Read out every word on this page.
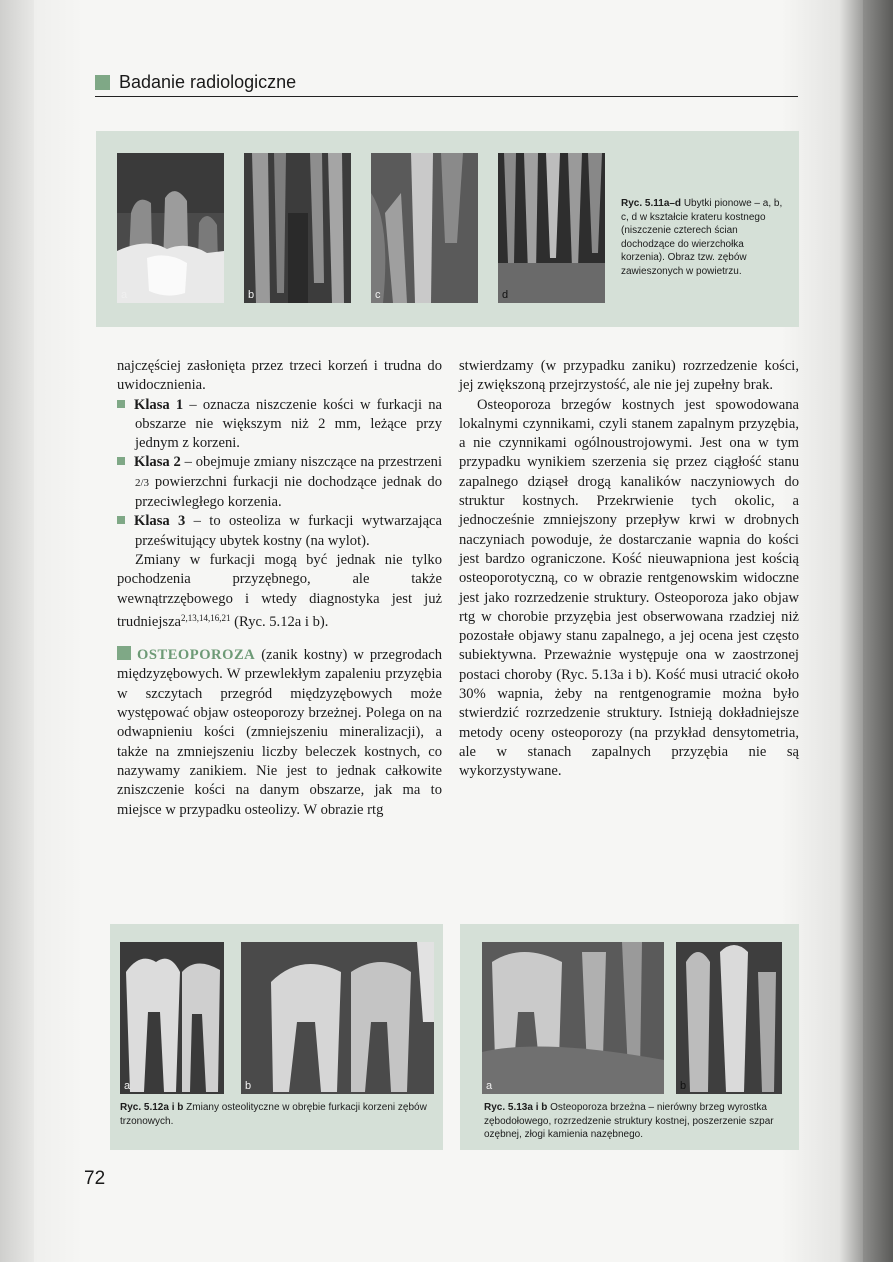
Badanie radiologiczne
a	b	c	d
Ryc. 5.11a–d Ubytki pionowe – a, b, c, d w kształcie krateru kostnego (niszczenie czterech ścian dochodzące do wierzchołka korzenia). Obraz tzw. zębów zawieszonych w powietrzu.

najczęściej zasłonięta przez trzeci korzeń i trudna do uwidocznienia.

Klasa 1 – oznacza niszczenie kości w furkacji na obszarze nie większym niż 2 mm, leżące przy jednym z korzeni.

Klasa 2 – obejmuje zmiany niszczące na przestrzeni 2/3 powierzchni furkacji nie dochodzące jednak do przeciwległego korzenia.

Klasa 3 – to osteoliza w furkacji wytwarzająca prześwitujący ubytek kostny (na wylot).

Zmiany w furkacji mogą być jednak nie tylko pochodzenia przyzębnego, ale także wewnątrzzębowego i wtedy diagnostyka jest już trudniejsza$^{2,13,14,16,21}$ (Ryc. 5.12a i b).

OSTEOPOROZA (zanik kostny) w przegrodach międzyzębowych. W przewlekłym zapaleniu przyzębia w szczytach przegród międzyzębowych może występować objaw osteoporozy brzeżnej. Polega on na odwapnieniu kości (zmniejszeniu mineralizacji), a także na zmniejszeniu liczby beleczek kostnych, co nazywamy zanikiem. Nie jest to jednak całkowite zniszczenie kości na danym obszarze, jak ma to miejsce w przypadku osteolizy. W obrazie rtg

stwierdzamy (w przypadku zaniku) rozrzedzenie kości, jej zwiększoną przejrzystość, ale nie jej zupełny brak.

Osteoporoza brzegów kostnych jest spowodowana lokalnymi czynnikami, czyli stanem zapalnym przyzębia, a nie czynnikami ogólnoustrojowymi. Jest ona w tym przypadku wynikiem szerzenia się przez ciągłość stanu zapalnego dziąseł drogą kanalików naczyniowych do struktur kostnych. Przekrwienie tych okolic, a jednocześnie zmniejszony przepływ krwi w drobnych naczyniach powoduje, że dostarczanie wapnia do kości jest bardzo ograniczone. Kość nieuwapniona jest kością osteoporotyczną, co w obrazie rentgenowskim widoczne jest jako rozrzedzenie struktury. Osteoporoza jako objaw rtg w chorobie przyzębia jest obserwowana rzadziej niż pozostałe objawy stanu zapalnego, a jej ocena jest często subiektywna. Przeważnie występuje ona w zaostrzonej postaci choroby (Ryc. 5.13a i b). Kość musi utracić około 30% wapnia, żeby na rentgenogramie można było stwierdzić rozrzedzenie struktury. Istnieją dokładniejsze metody oceny osteoporozy (na przykład densytometria, ale w stanach zapalnych przyzębia nie są wykorzystywane.

a	b
Ryc. 5.12a i b Zmiany osteolityczne w obrębie furkacji korzeni zębów trzonowych.
a	b
Ryc. 5.13a i b Osteoporoza brzeżna – nierówny brzeg wyrostka zębodołowego, rozrzedzenie struktury kostnej, poszerzenie szpar ozębnej, złogi kamienia nazębnego.
72
